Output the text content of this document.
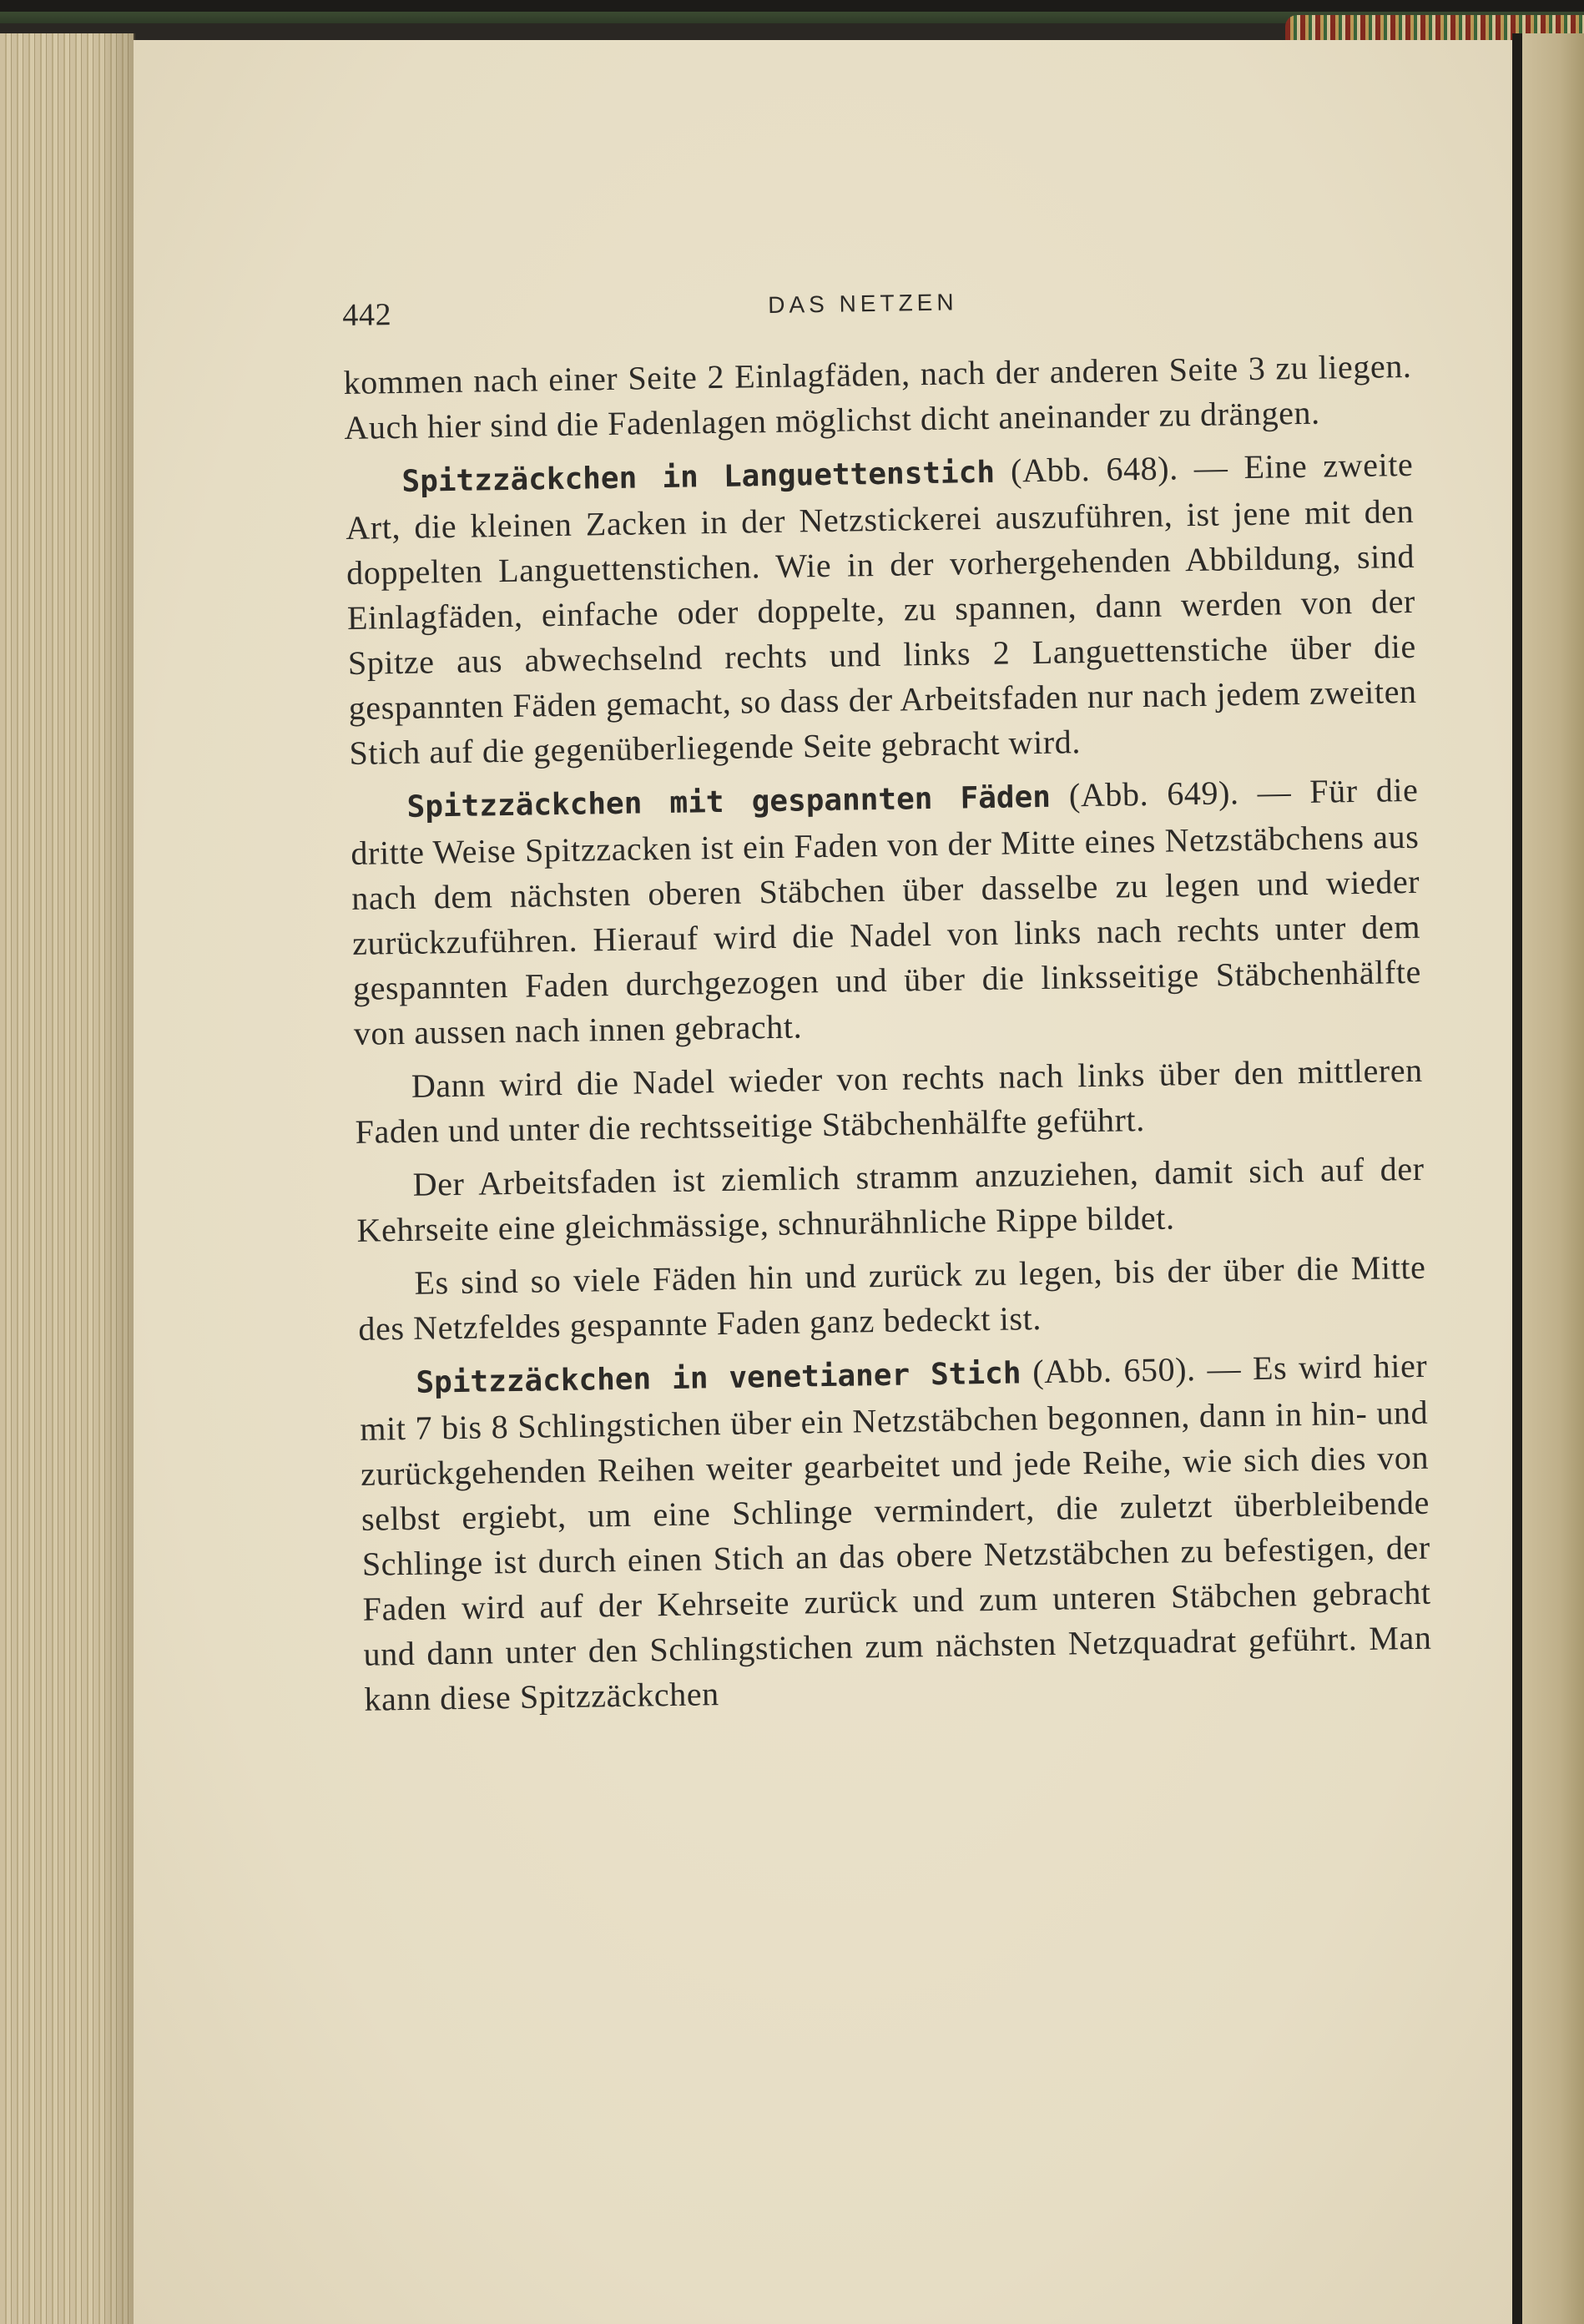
442	DAS NETZEN

kommen nach einer Seite 2 Einlagfäden, nach der anderen Seite 3 zu liegen. Auch hier sind die Fadenlagen möglichst dicht aneinander zu drängen.

Spitzzäckchen in Languettenstich (Abb. 648). — Eine zweite Art, die kleinen Zacken in der Netzstickerei auszuführen, ist jene mit den doppelten Languettenstichen. Wie in der vorhergehenden Abbildung, sind Einlagfäden, einfache oder doppelte, zu spannen, dann werden von der Spitze aus abwechselnd rechts und links 2 Languettenstiche über die gespannten Fäden gemacht, so dass der Arbeitsfaden nur nach jedem zweiten Stich auf die gegenüberliegende Seite gebracht wird.

Spitzzäckchen mit gespannten Fäden (Abb. 649). — Für die dritte Weise Spitzzacken ist ein Faden von der Mitte eines Netzstäbchens aus nach dem nächsten oberen Stäbchen über dasselbe zu legen und wieder zurückzuführen. Hierauf wird die Nadel von links nach rechts unter dem gespannten Faden durchgezogen und über die linksseitige Stäbchenhälfte von aussen nach innen gebracht.

Dann wird die Nadel wieder von rechts nach links über den mittleren Faden und unter die rechtsseitige Stäbchenhälfte geführt.

Der Arbeitsfaden ist ziemlich stramm anzuziehen, damit sich auf der Kehrseite eine gleichmässige, schnurähnliche Rippe bildet.

Es sind so viele Fäden hin und zurück zu legen, bis der über die Mitte des Netzfeldes gespannte Faden ganz bedeckt ist.

Spitzzäckchen in venetianer Stich (Abb. 650). — Es wird hier mit 7 bis 8 Schlingstichen über ein Netzstäbchen begonnen, dann in hin- und zurückgehenden Reihen weiter gearbeitet und jede Reihe, wie sich dies von selbst ergiebt, um eine Schlinge vermindert, die zuletzt überbleibende Schlinge ist durch einen Stich an das obere Netzstäbchen zu befestigen, der Faden wird auf der Kehrseite zurück und zum unteren Stäbchen gebracht und dann unter den Schlingstichen zum nächsten Netzquadrat geführt. Man kann diese Spitzzäckchen
